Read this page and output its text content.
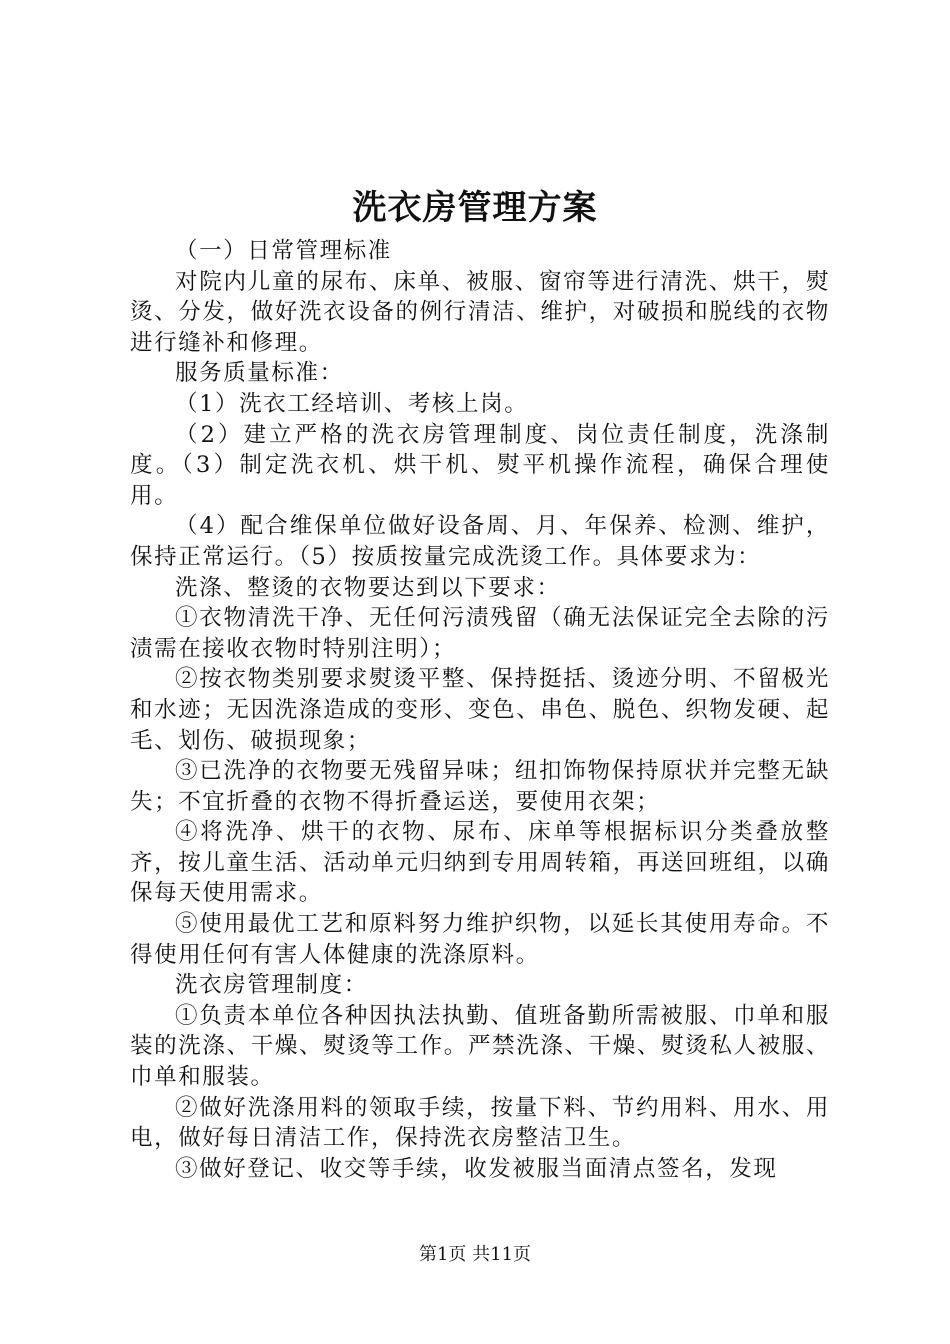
洗衣房管理方案

（一）日常管理标准

对院内儿童的尿布、床单、被服、窗帘等进行清洗、烘干，熨烫、分发，做好洗衣设备的例行清洁、维护，对破损和脱线的衣物进行缝补和修理。

服务质量标准：

（1）洗衣工经培训、考核上岗。

（2）建立严格的洗衣房管理制度、岗位责任制度，洗涤制度。（3）制定洗衣机、烘干机、熨平机操作流程，确保合理使用。

（4）配合维保单位做好设备周、月、年保养、检测、维护，保持正常运行。（5）按质按量完成洗烫工作。具体要求为：

洗涤、整烫的衣物要达到以下要求：

①衣物清洗干净、无任何污渍残留（确无法保证完全去除的污渍需在接收衣物时特别注明）；

②按衣物类别要求熨烫平整、保持挺括、烫迹分明、不留极光和水迹；无因洗涤造成的变形、变色、串色、脱色、织物发硬、起毛、划伤、破损现象；

③已洗净的衣物要无残留异味；纽扣饰物保持原状并完整无缺失；不宜折叠的衣物不得折叠运送，要使用衣架；

④将洗净、烘干的衣物、尿布、床单等根据标识分类叠放整齐，按儿童生活、活动单元归纳到专用周转箱，再送回班组，以确保每天使用需求。

⑤使用最优工艺和原料努力维护织物，以延长其使用寿命。不得使用任何有害人体健康的洗涤原料。

洗衣房管理制度：

①负责本单位各种因执法执勤、值班备勤所需被服、巾单和服装的洗涤、干燥、熨烫等工作。严禁洗涤、干燥、熨烫私人被服、巾单和服装。

②做好洗涤用料的领取手续，按量下料、节约用料、用水、用电，做好每日清洁工作，保持洗衣房整洁卫生。

③做好登记、收交等手续，收发被服当面清点签名，发现

第1页 共11页
